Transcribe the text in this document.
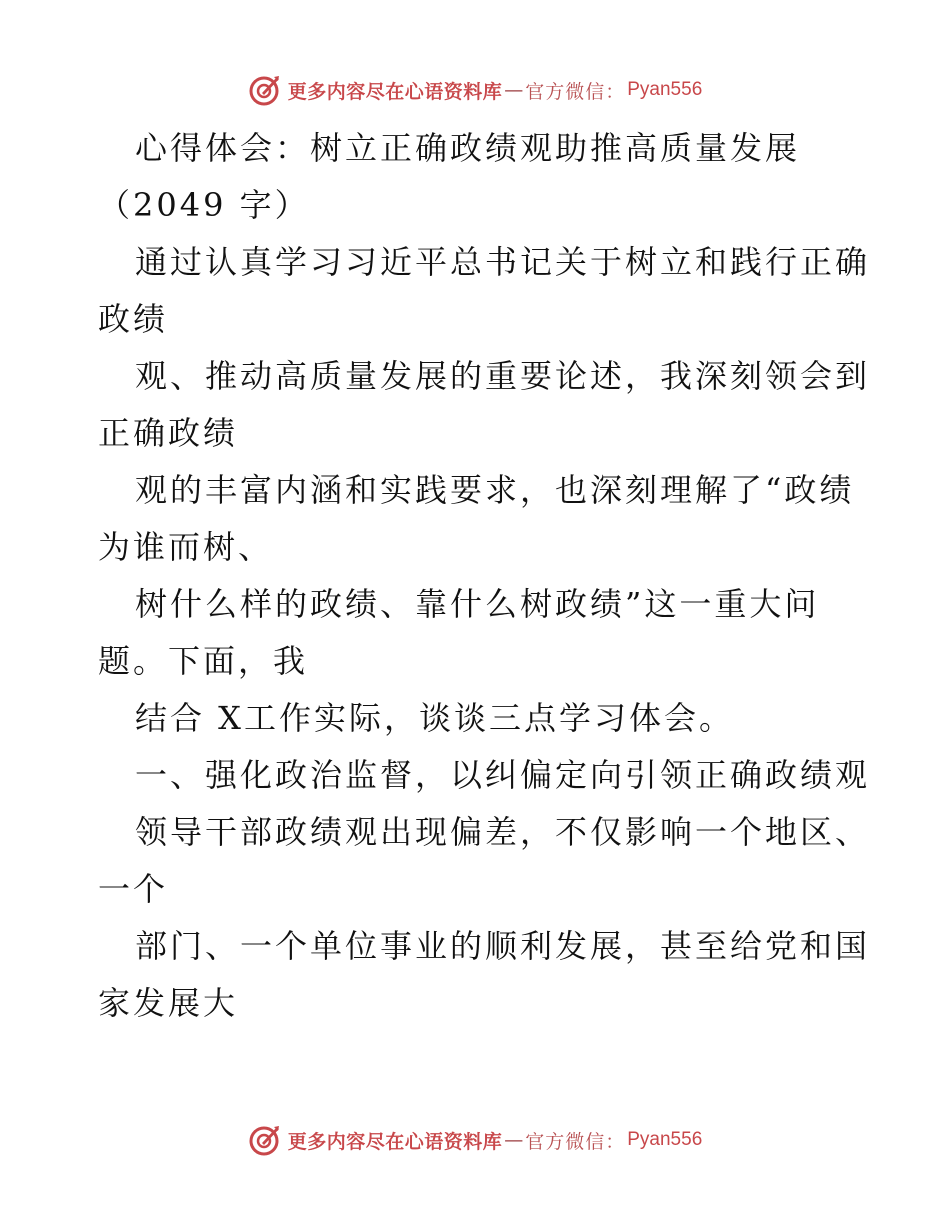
更多内容尽在心语资料库 — 官方微信： Pyan556
心得体会：树立正确政绩观助推高质量发展
（2049 字）
通过认真学习习近平总书记关于树立和践行正确
政绩
观、推动高质量发展的重要论述，我深刻领会到
正确政绩
观的丰富内涵和实践要求，也深刻理解了“政绩
为谁而树、
树什么样的政绩、靠什么树政绩”这一重大问
题。下面，我
结合 X工作实际，谈谈三点学习体会。
一、强化政治监督，以纠偏定向引领正确政绩观
领导干部政绩观出现偏差，不仅影响一个地区、
一个
部门、一个单位事业的顺利发展，甚至给党和国
家发展大
更多内容尽在心语资料库 — 官方微信： Pyan556
